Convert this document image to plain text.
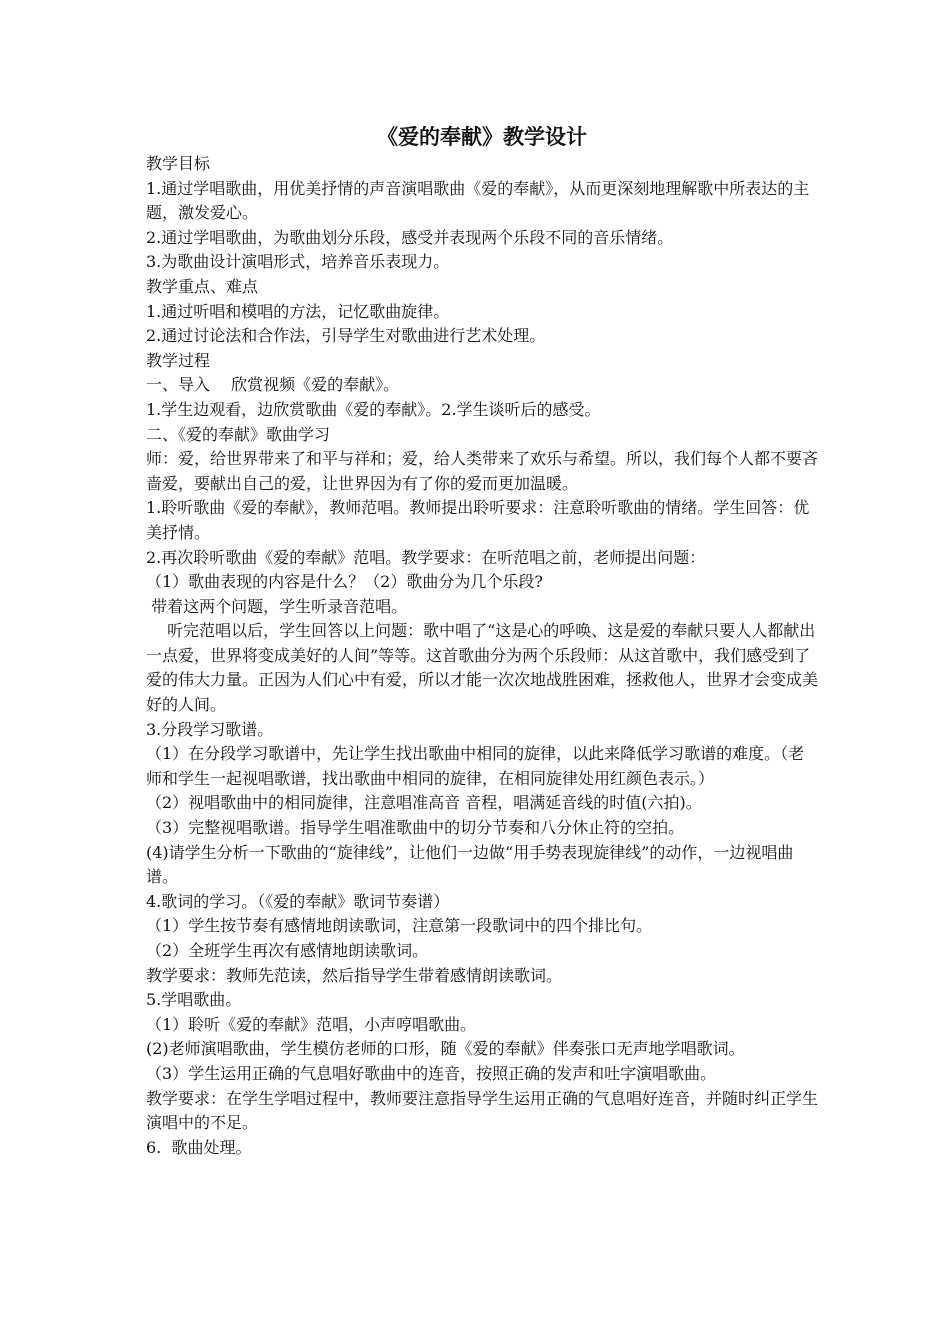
《爱的奉献》教学设计

教学目标

1.通过学唱歌曲，用优美抒情的声音演唱歌曲《爱的奉献》，从而更深刻地理解歌中所表达的主题，激发爱心。

2.通过学唱歌曲，为歌曲划分乐段，感受并表现两个乐段不同的音乐情绪。

3.为歌曲设计演唱形式，培养音乐表现力。

教学重点、难点

1.通过听唱和模唱的方法，记忆歌曲旋律。

2.通过讨论法和合作法，引导学生对歌曲进行艺术处理。

教学过程

一、导入　 欣赏视频《爱的奉献》。

1.学生边观看，边欣赏歌曲《爱的奉献》。2.学生谈听后的感受。

二、《爱的奉献》歌曲学习

师：爱，给世界带来了和平与祥和；爱，给人类带来了欢乐与希望。所以，我们每个人都不要吝啬爱，要献出自己的爱，让世界因为有了你的爱而更加温暖。

1.聆听歌曲《爱的奉献》，教师范唱。教师提出聆听要求：注意聆听歌曲的情绪。学生回答：优美抒情。

2.再次聆听歌曲《爱的奉献》范唱。教学要求：在听范唱之前，老师提出问题：

（1）歌曲表现的内容是什么？（2）歌曲分为几个乐段?

带着这两个问题，学生听录音范唱。

　 听完范唱以后，学生回答以上问题：歌中唱了“这是心的呼唤、这是爱的奉献只要人人都献出一点爱，世界将变成美好的人间”等等。这首歌曲分为两个乐段师：从这首歌中，我们感受到了爱的伟大力量。正因为人们心中有爱，所以才能一次次地战胜困难，拯救他人，世界才会变成美好的人间。

3.分段学习歌谱。

（1）在分段学习歌谱中，先让学生找出歌曲中相同的旋律，以此来降低学习歌谱的难度。（老师和学生一起视唱歌谱，找出歌曲中相同的旋律，在相同旋律处用红颜色表示。）

（2）视唱歌曲中的相同旋律，注意唱准高音 音程，唱满延音线的时值(六拍)。

（3）完整视唱歌谱。指导学生唱准歌曲中的切分节奏和八分休止符的空拍。

(4)请学生分析一下歌曲的“旋律线”，让他们一边做“用手势表现旋律线”的动作，一边视唱曲谱。

4.歌词的学习。（《爱的奉献》歌词节奏谱）

（1）学生按节奏有感情地朗读歌词，注意第一段歌词中的四个排比句。

（2）全班学生再次有感情地朗读歌词。

教学要求：教师先范读，然后指导学生带着感情朗读歌词。

5.学唱歌曲。

（1）聆听《爱的奉献》范唱，小声哼唱歌曲。

(2)老师演唱歌曲，学生模仿老师的口形，随《爱的奉献》伴奏张口无声地学唱歌词。

（3）学生运用正确的气息唱好歌曲中的连音，按照正确的发声和吐字演唱歌曲。

教学要求：在学生学唱过程中，教师要注意指导学生运用正确的气息唱好连音，并随时纠正学生演唱中的不足。

6.  歌曲处理。
